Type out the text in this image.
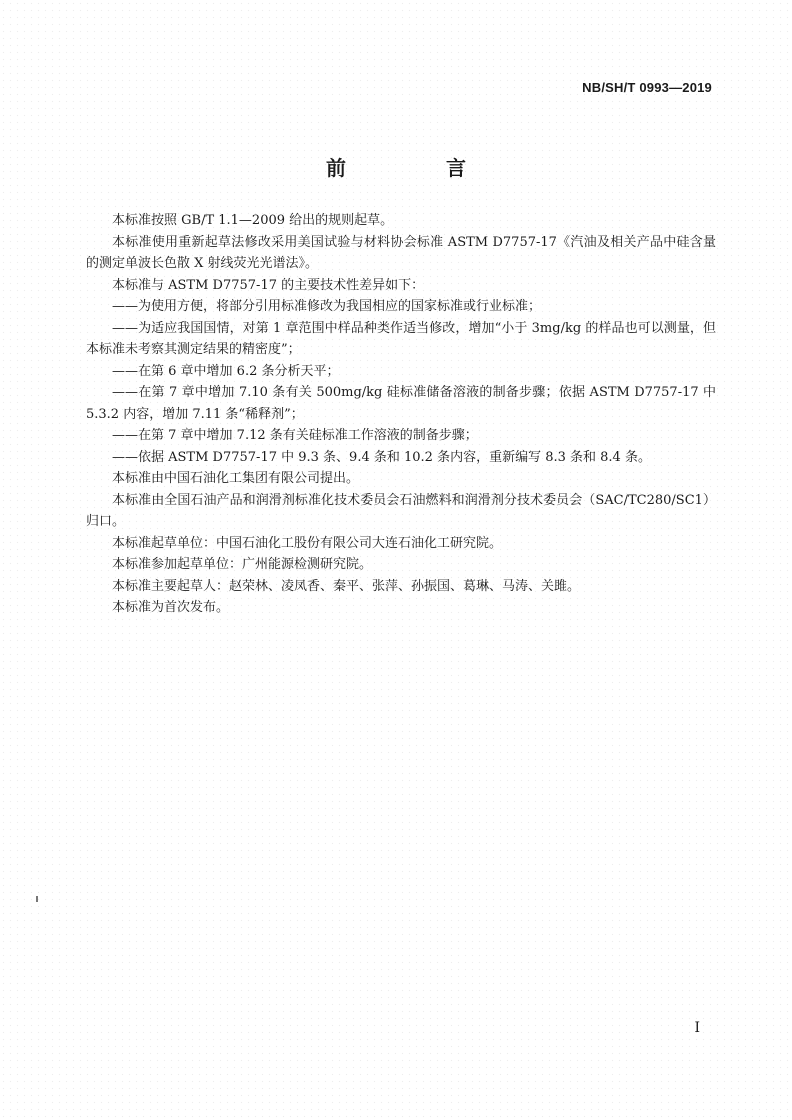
NB/SH/T 0993—2019
前　言

本标准按照 GB/T 1.1—2009 给出的规则起草。

本标准使用重新起草法修改采用美国试验与材料协会标准 ASTM D7757-17《汽油及相关产品中硅含量的测定单波长色散 X 射线荧光光谱法》。

本标准与 ASTM D7757-17 的主要技术性差异如下：

——为使用方便，将部分引用标准修改为我国相应的国家标准或行业标准；

——为适应我国国情，对第 1 章范围中样品种类作适当修改，增加“小于 3mg/kg 的样品也可以测量，但本标准未考察其测定结果的精密度”；

——在第 6 章中增加 6.2 条分析天平；

——在第 7 章中增加 7.10 条有关 500mg/kg 硅标准储备溶液的制备步骤；依据 ASTM D7757-17 中 5.3.2 内容，增加 7.11 条“稀释剂”；

——在第 7 章中增加 7.12 条有关硅标准工作溶液的制备步骤；

——依据 ASTM D7757-17 中 9.3 条、9.4 条和 10.2 条内容，重新编写 8.3 条和 8.4 条。

本标准由中国石油化工集团有限公司提出。

本标准由全国石油产品和润滑剂标准化技术委员会石油燃料和润滑剂分技术委员会（SAC/TC280/SC1）归口。

本标准起草单位：中国石油化工股份有限公司大连石油化工研究院。

本标准参加起草单位：广州能源检测研究院。

本标准主要起草人：赵荣林、凌凤香、秦平、张萍、孙振国、葛琳、马涛、关雎。

本标准为首次发布。

I
